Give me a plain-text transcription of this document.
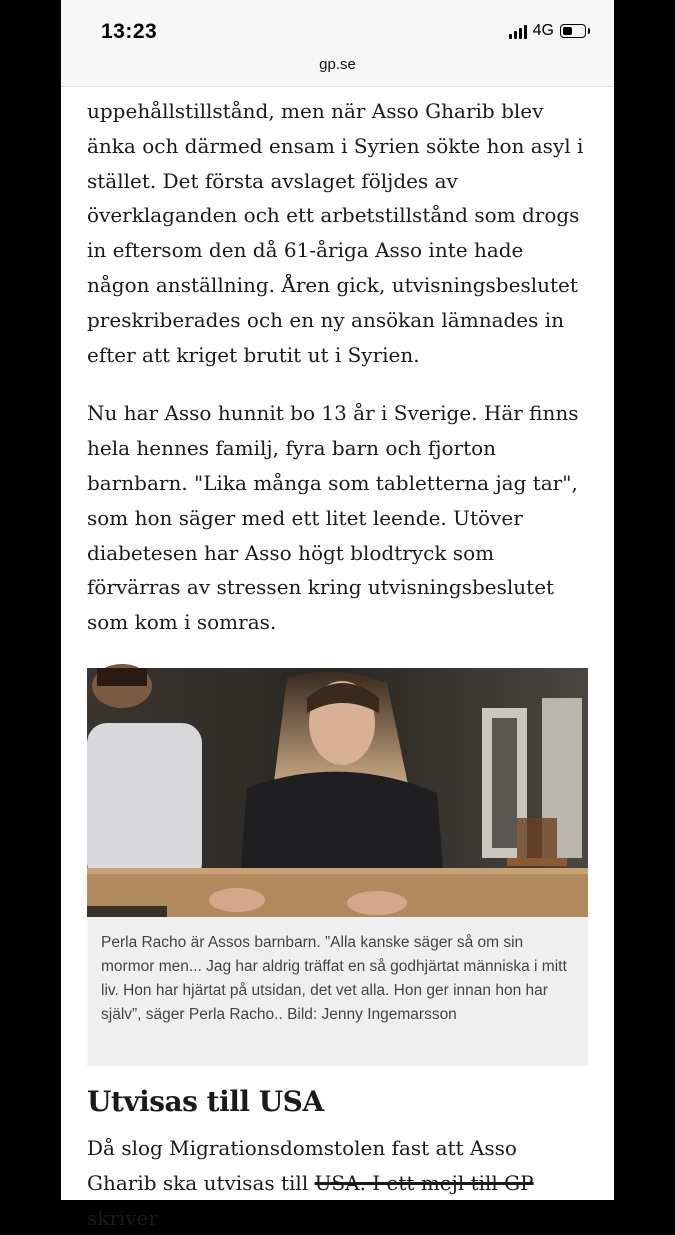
13:23	4G
gp.se

uppehållstillstånd, men när Asso Gharib blev änka och därmed ensam i Syrien sökte hon asyl i stället. Det första avslaget följdes av överklaganden och ett arbetstillstånd som drogs in eftersom den då 61-åriga Asso inte hade någon anställning. Åren gick, utvisningsbeslutet preskriberades och en ny ansökan lämnades in efter att kriget brutit ut i Syrien.

Nu har Asso hunnit bo 13 år i Sverige. Här finns hela hennes familj, fyra barn och fjorton barnbarn. "Lika många som tabletterna jag tar", som hon säger med ett litet leende. Utöver diabetesen har Asso högt blodtryck som förvärras av stressen kring utvisningsbeslutet som kom i somras.

Perla Racho är Assos barnbarn. ”Alla kanske säger så om sin mormor men... Jag har aldrig träffat en så godhjärtat människa i mitt liv. Hon har hjärtat på utsidan, det vet alla. Hon ger innan hon har själv”, säger Perla Racho.. Bild: Jenny Ingemarsson

Utvisas till USA

Då slog Migrationsdomstolen fast att Asso Gharib ska utvisas till USA. I ett mejl till GP skriver
